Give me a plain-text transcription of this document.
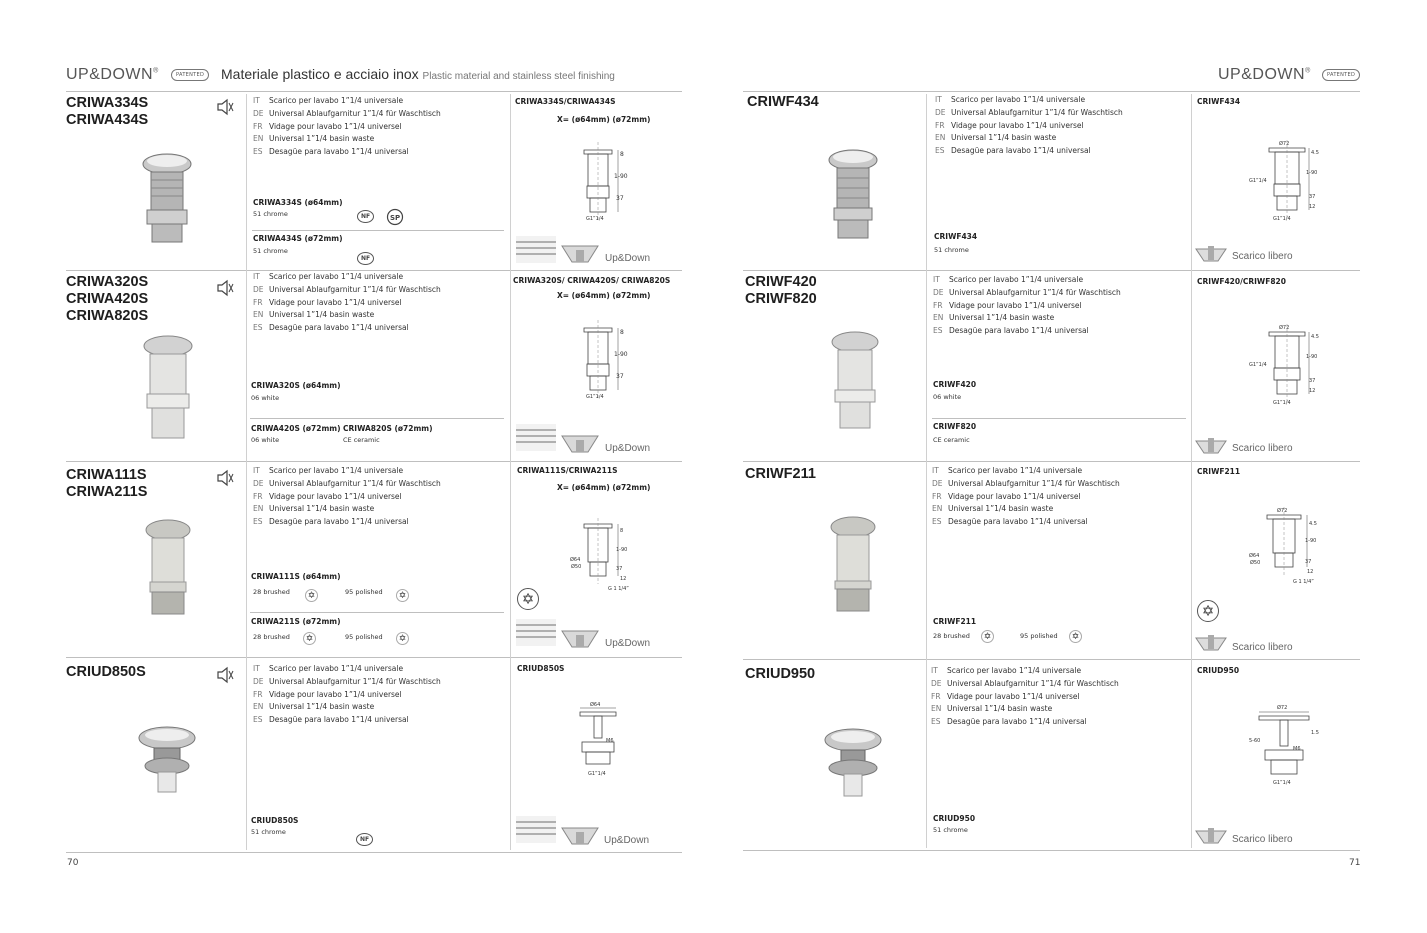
UP&DOWN®
PATENTED	Materiale plastico e acciaio inox Plastic material and stainless steel finishing
CRIWA334S
CRIWA434S
IT Scarico per lavabo 1”1/4 universale
DE Universal Ablaufgarnitur 1”1/4 für Waschtisch
FR Vidage pour lavabo 1”1/4 universel
EN Universal 1”1/4 basin waste
ES Desagüe para lavabo 1”1/4 universal
CRIWA334S (ø64mm)
51 chrome	NF	SP
CRIWA434S (ø72mm)
51 chrome
NF
CRIWA334S/CRIWA434S
X= (ø64mm) (ø72mm)
8
1-90
37
G1”1/4
Up&Down
CRIWA320S
CRIWA420S
CRIWA820S
IT Scarico per lavabo 1”1/4 universale
DE Universal Ablaufgarnitur 1”1/4 für Waschtisch
FR Vidage pour lavabo 1”1/4 universel
EN Universal 1”1/4 basin waste
ES Desagüe para lavabo 1”1/4 universal
CRIWA320S (ø64mm)
06 white
CRIWA420S (ø72mm)
06 white
CRIWA820S (ø72mm)
CE ceramic
CRIWA320S/ CRIWA420S/ CRIWA820S
X= (ø64mm) (ø72mm)
8
1-90
37
G1”1/4
Up&Down
CRIWA111S
CRIWA211S
IT Scarico per lavabo 1”1/4 universale
DE Universal Ablaufgarnitur 1”1/4 für Waschtisch
FR Vidage pour lavabo 1”1/4 universel
EN Universal 1”1/4 basin waste
ES Desagüe para lavabo 1”1/4 universal
CRIWA111S (ø64mm)
28 brushed	✡	95 polished	✡
CRIWA211S (ø72mm)
28 brushed	✡	95 polished	✡
CRIWA111S/CRIWA211S
X= (ø64mm) (ø72mm)
8
1-90
37
12
Ø64
Ø50
G 1 1/4”
✡
Up&Down
CRIUD850S	IT Scarico per lavabo 1”1/4 universale
DE Universal Ablaufgarnitur 1”1/4 für Waschtisch
FR Vidage pour lavabo 1”1/4 universel
EN Universal 1”1/4 basin waste
ES Desagüe para lavabo 1”1/4 universal
CRIUD850S
51 chrome
NF
CRIUD850S
Ø64
M6
G1”1/4
Up&Down
70
UP&DOWN®
PATENTED
CRIWF434	IT Scarico per lavabo 1”1/4 universale
DE Universal Ablaufgarnitur 1”1/4 für Waschtisch
FR Vidage pour lavabo 1”1/4 universel
EN Universal 1”1/4 basin waste
ES Desagüe para lavabo 1”1/4 universal
CRIWF434
51 chrome
CRIWF434
Ø72
4.5
1-90
37
12
G1”1/4
G1”1/4
Scarico libero
CRIWF420
CRIWF820
IT Scarico per lavabo 1”1/4 universale
DE Universal Ablaufgarnitur 1”1/4 für Waschtisch
FR Vidage pour lavabo 1”1/4 universel
EN Universal 1”1/4 basin waste
ES Desagüe para lavabo 1”1/4 universal
CRIWF420
06 white
CRIWF820
CE ceramic
CRIWF420/CRIWF820
Ø72
4.5
1-90
37
12
G1”1/4
G1”1/4
Scarico libero
CRIWF211	IT Scarico per lavabo 1”1/4 universale
DE Universal Ablaufgarnitur 1”1/4 für Waschtisch
FR Vidage pour lavabo 1”1/4 universel
EN Universal 1”1/4 basin waste
ES Desagüe para lavabo 1”1/4 universal
CRIWF211
28 brushed	✡	95 polished	✡
CRIWF211
Ø72
4.5
1-90
37
12
Ø64
Ø50
G 1 1/4”
✡
Scarico libero
CRIUD950	IT Scarico per lavabo 1”1/4 universale
DE Universal Ablaufgarnitur 1”1/4 für Waschtisch
FR Vidage pour lavabo 1”1/4 universel
EN Universal 1”1/4 basin waste
ES Desagüe para lavabo 1”1/4 universal
CRIUD950
51 chrome
CRIUD950
Ø72
1.5
M6
5-60
G1”1/4
Scarico libero
71
